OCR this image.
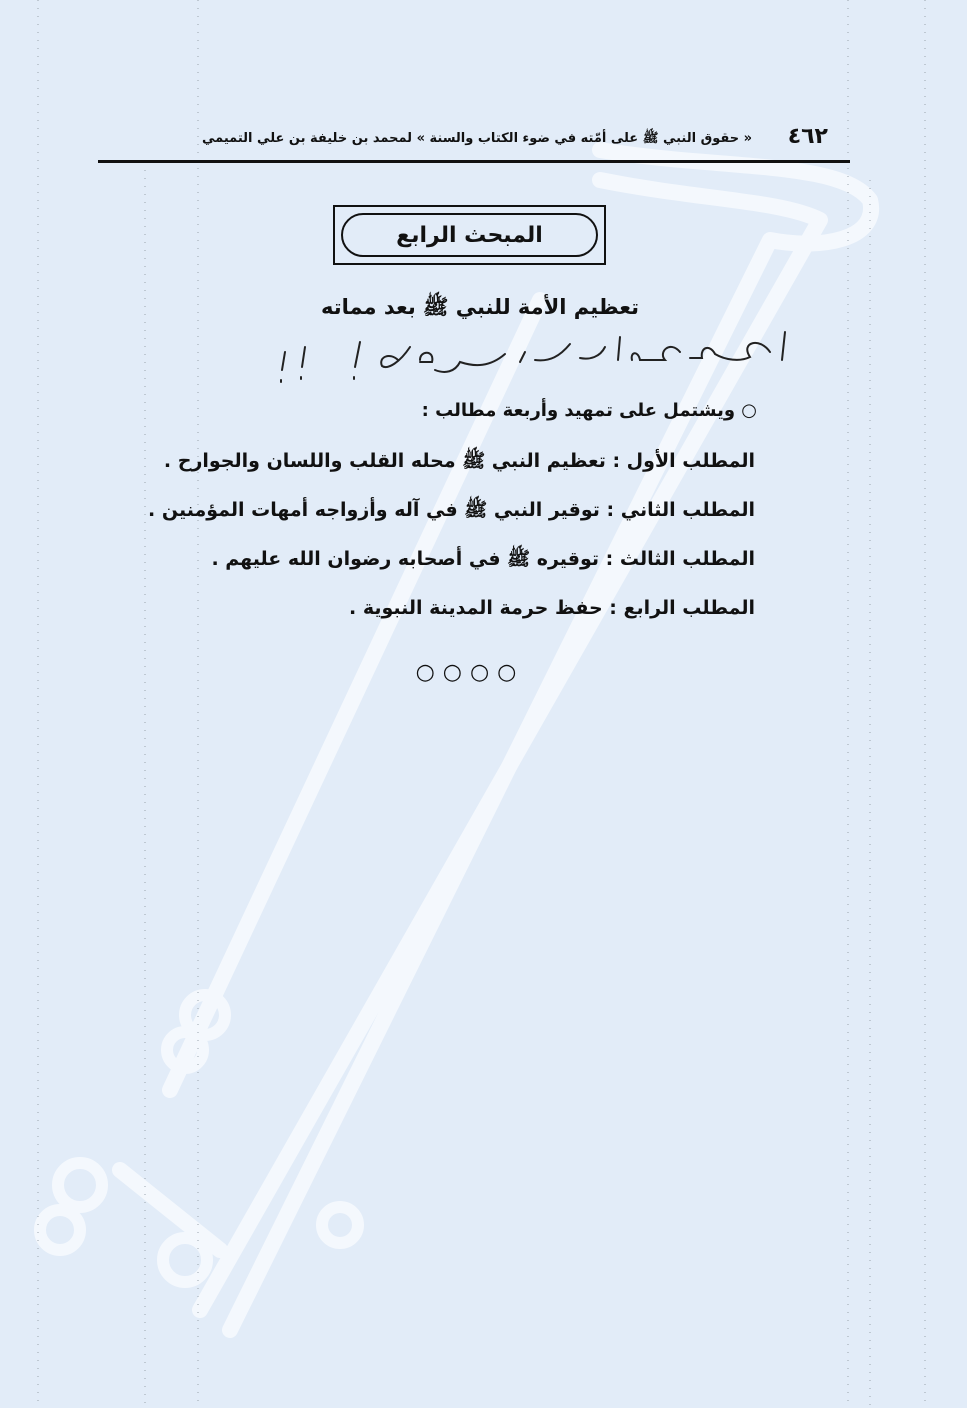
٤٦٢
« حقوق النبي ﷺ على أمّته في ضوء الكتاب والسنة » لمحمد بن خليفة بن علي التميمي
المبحث الرابع
تعظيم الأمة للنبي ﷺ بعد مماته
○ ويشتمل على تمهيد وأربعة مطالب :
المطلب الأول : تعظيم النبي ﷺ محله القلب واللسان والجوارح .
المطلب الثاني : توقير النبي ﷺ في آله وأزواجه أمهات المؤمنين .
المطلب الثالث : توقيره ﷺ في أصحابه رضوان الله عليهم .
المطلب الرابع : حفظ حرمة المدينة النبوية .
○○○○
